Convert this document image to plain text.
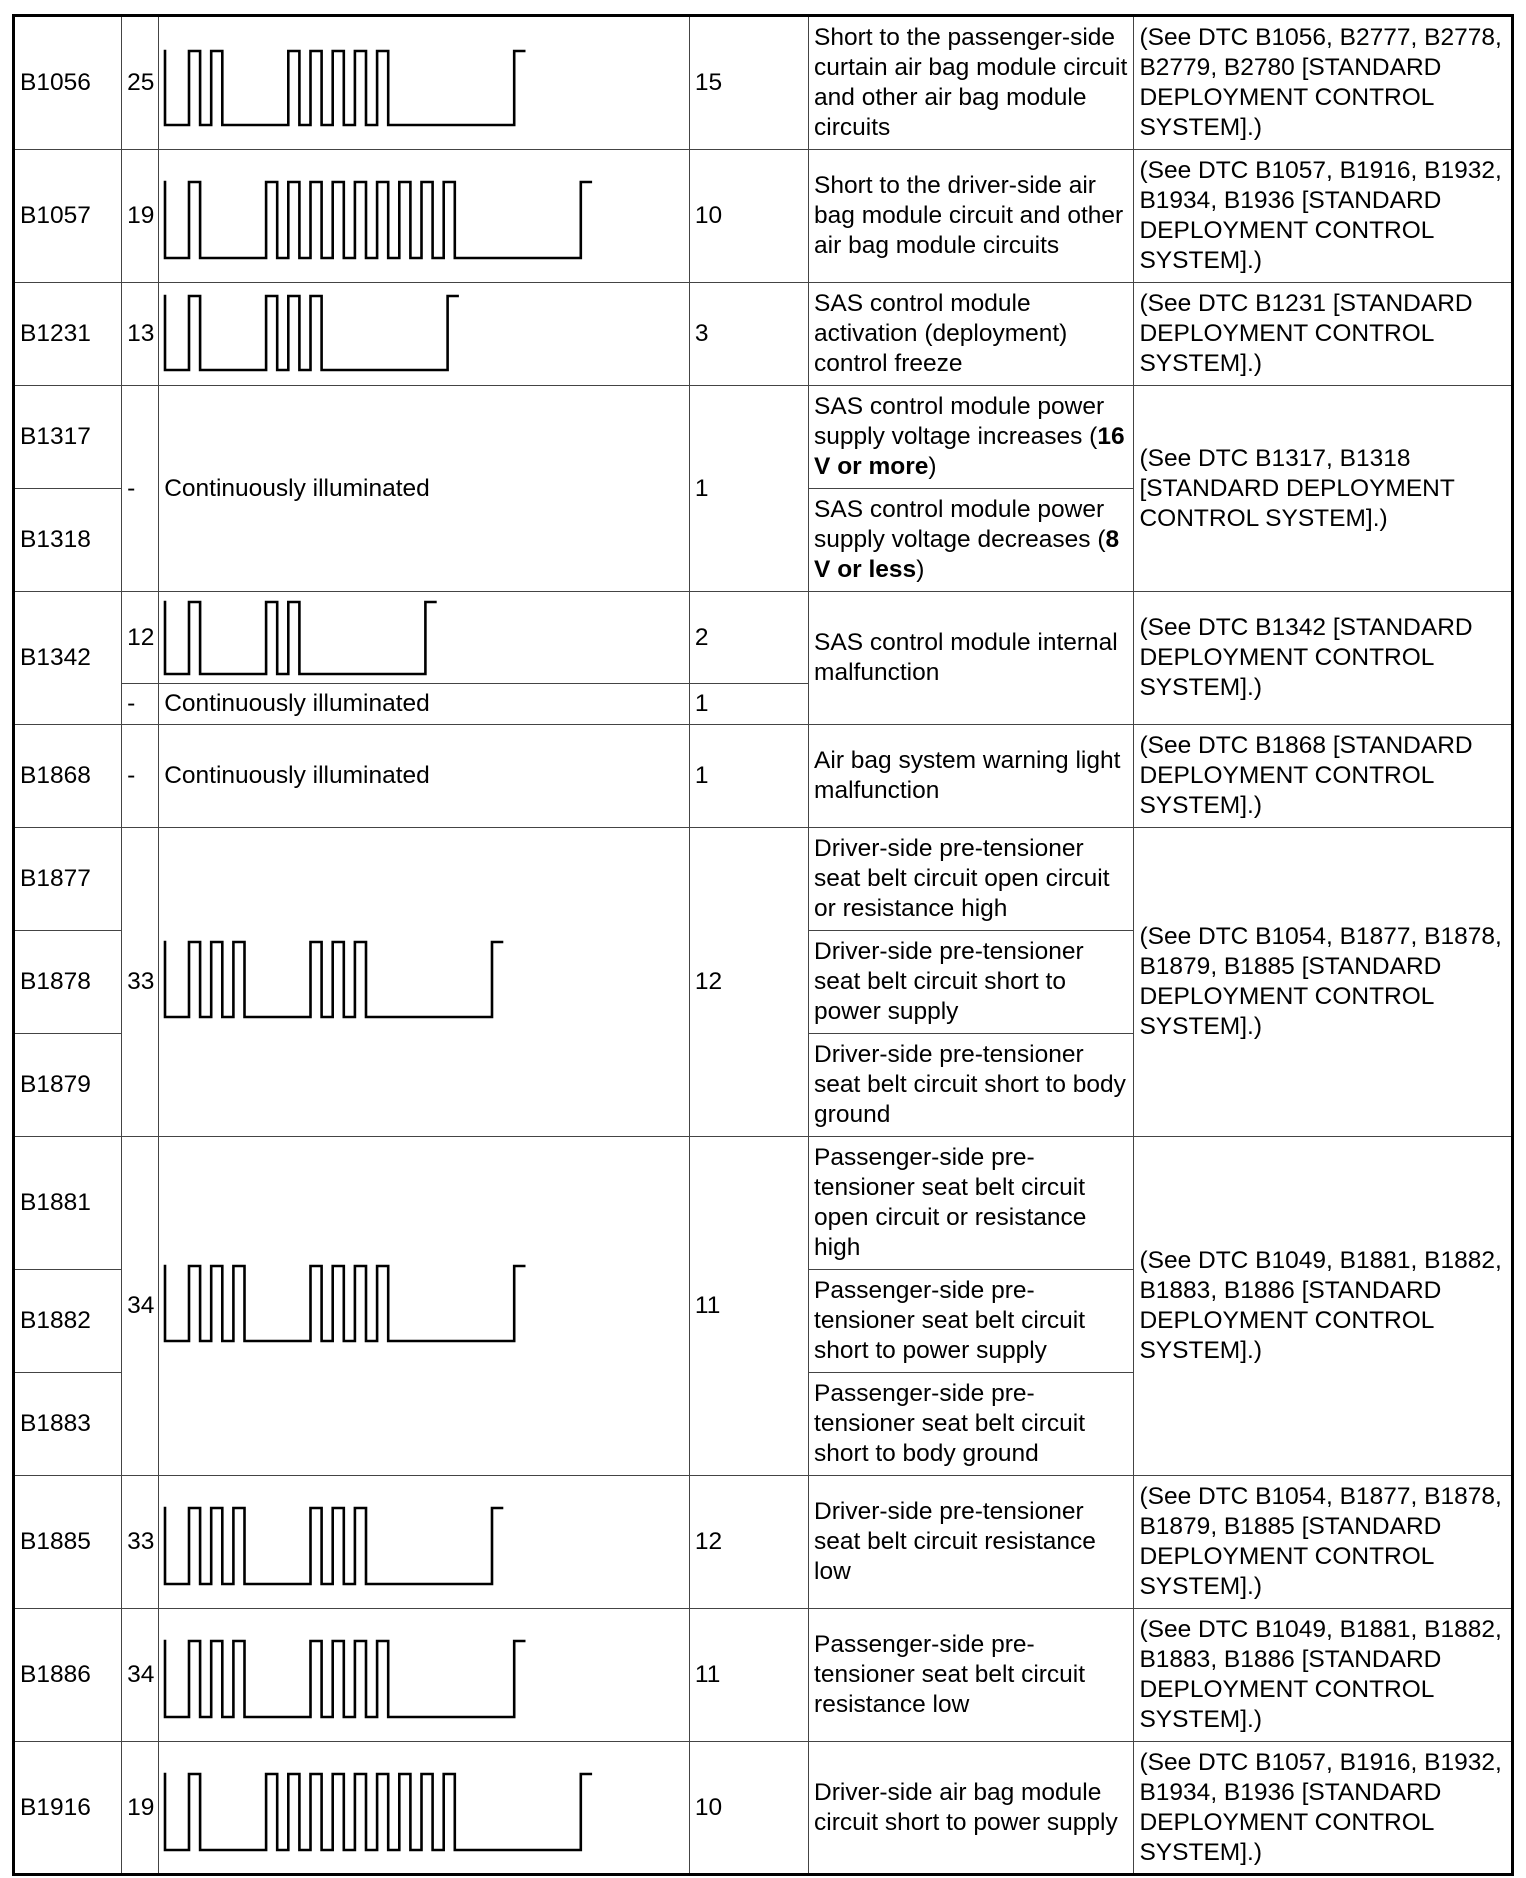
B1056	25		15	Short to the passenger-side curtain air bag module circuit and other air bag module circuits	(See DTC B1056, B2777, B2778, B2779, B2780 [STANDARD DEPLOYMENT CONTROL SYSTEM].)
B1057	19		10	Short to the driver-side air bag module circuit and other air bag module circuits	(See DTC B1057, B1916, B1932, B1934, B1936 [STANDARD DEPLOYMENT CONTROL SYSTEM].)
B1231	13		3	SAS control module activation (deployment) control freeze	(See DTC B1231 [STANDARD DEPLOYMENT CONTROL SYSTEM].)
B1317	-	Continuously illuminated	1	SAS control module power supply voltage increases (16 V or more)	(See DTC B1317, B1318 [STANDARD DEPLOYMENT CONTROL SYSTEM].)
B1318				SAS control module power supply voltage decreases (8 V or less)	
B1342	12		2	SAS control module internal malfunction	(See DTC B1342 [STANDARD DEPLOYMENT CONTROL SYSTEM].)
	-	Continuously illuminated	1		
B1868	-	Continuously illuminated	1	Air bag system warning light malfunction	(See DTC B1868 [STANDARD DEPLOYMENT CONTROL SYSTEM].)
B1877	33		12	Driver-side pre-tensioner seat belt circuit open circuit or resistance high	(See DTC B1054, B1877, B1878, B1879, B1885 [STANDARD DEPLOYMENT CONTROL SYSTEM].)
B1878				Driver-side pre-tensioner seat belt circuit short to power supply	
B1879				Driver-side pre-tensioner seat belt circuit short to body ground	
B1881	34		11	Passenger-side pre-tensioner seat belt circuit open circuit or resistance high	(See DTC B1049, B1881, B1882, B1883, B1886 [STANDARD DEPLOYMENT CONTROL SYSTEM].)
B1882				Passenger-side pre-tensioner seat belt circuit short to power supply	
B1883				Passenger-side pre-tensioner seat belt circuit short to body ground	
B1885	33		12	Driver-side pre-tensioner seat belt circuit resistance low	(See DTC B1054, B1877, B1878, B1879, B1885 [STANDARD DEPLOYMENT CONTROL SYSTEM].)
B1886	34		11	Passenger-side pre-tensioner seat belt circuit resistance low	(See DTC B1049, B1881, B1882, B1883, B1886 [STANDARD DEPLOYMENT CONTROL SYSTEM].)
B1916	19		10	Driver-side air bag module circuit short to power supply	(See DTC B1057, B1916, B1932, B1934, B1936 [STANDARD DEPLOYMENT CONTROL SYSTEM].)
